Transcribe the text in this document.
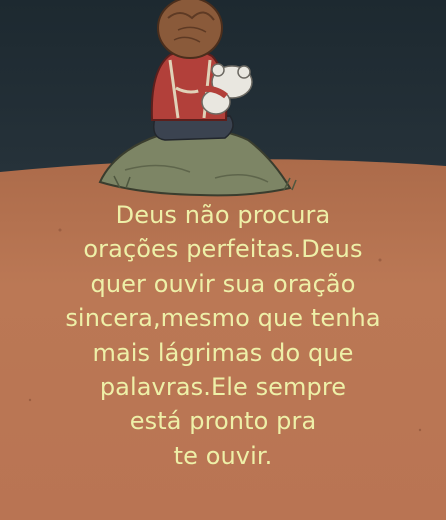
Deus não procura
orações perfeitas.Deus
quer ouvir sua oração
sincera,mesmo que tenha
mais lágrimas do que
palavras.Ele sempre
está pronto pra
te ouvir.
